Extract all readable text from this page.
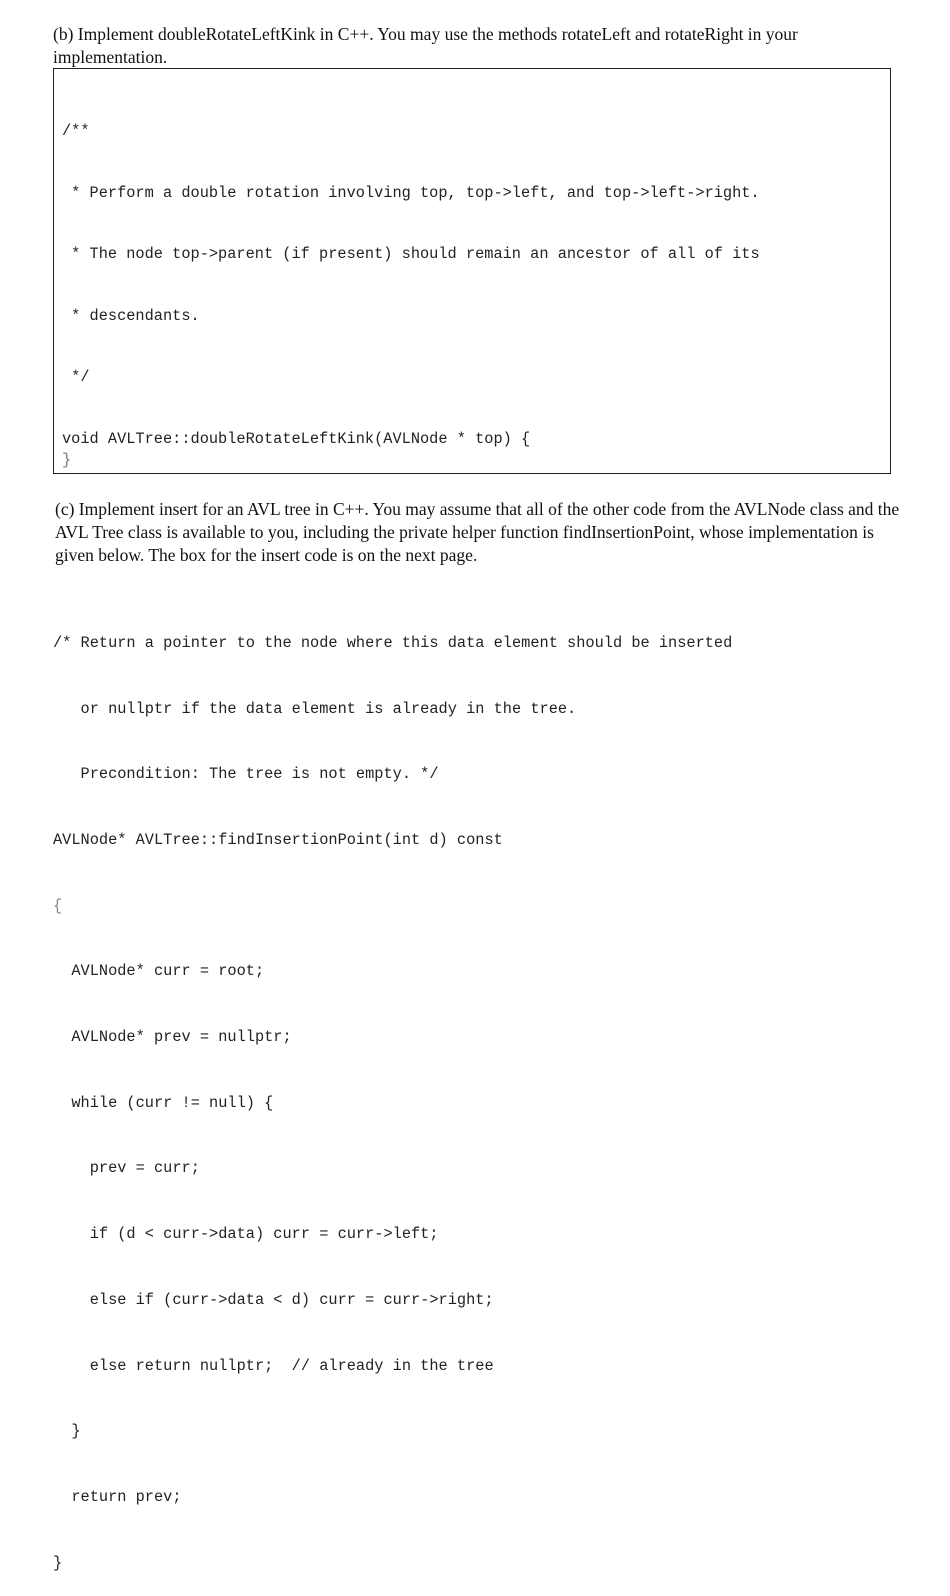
(b) Implement doubleRotateLeftKink in C++. You may use the methods rotateLeft and rotateRight in your implementation.

/**

* Perform a double rotation involving top, top->left, and top->left->right.

* The node top->parent (if present) should remain an ancestor of all of its

* descendants.

*/

void AVLTree::doubleRotateLeftKink(AVLNode * top) {

}

(c) Implement insert for an AVL tree in C++. You may assume that all of the other code from the AVLNode class and the AVL Tree class is available to you, including the private helper function findInsertionPoint, whose implementation is given below. The box for the insert code is on the next page.

/* Return a pointer to the node where this data element should be inserted

or nullptr if the data element is already in the tree.

Precondition: The tree is not empty. */

AVLNode* AVLTree::findInsertionPoint(int d) const

{

AVLNode* curr = root;

AVLNode* prev = nullptr;

while (curr != null) {

prev = curr;

if (d < curr->data) curr = curr->left;

else if (curr->data < d) curr = curr->right;

else return nullptr;  // already in the tree

}

return prev;

}
